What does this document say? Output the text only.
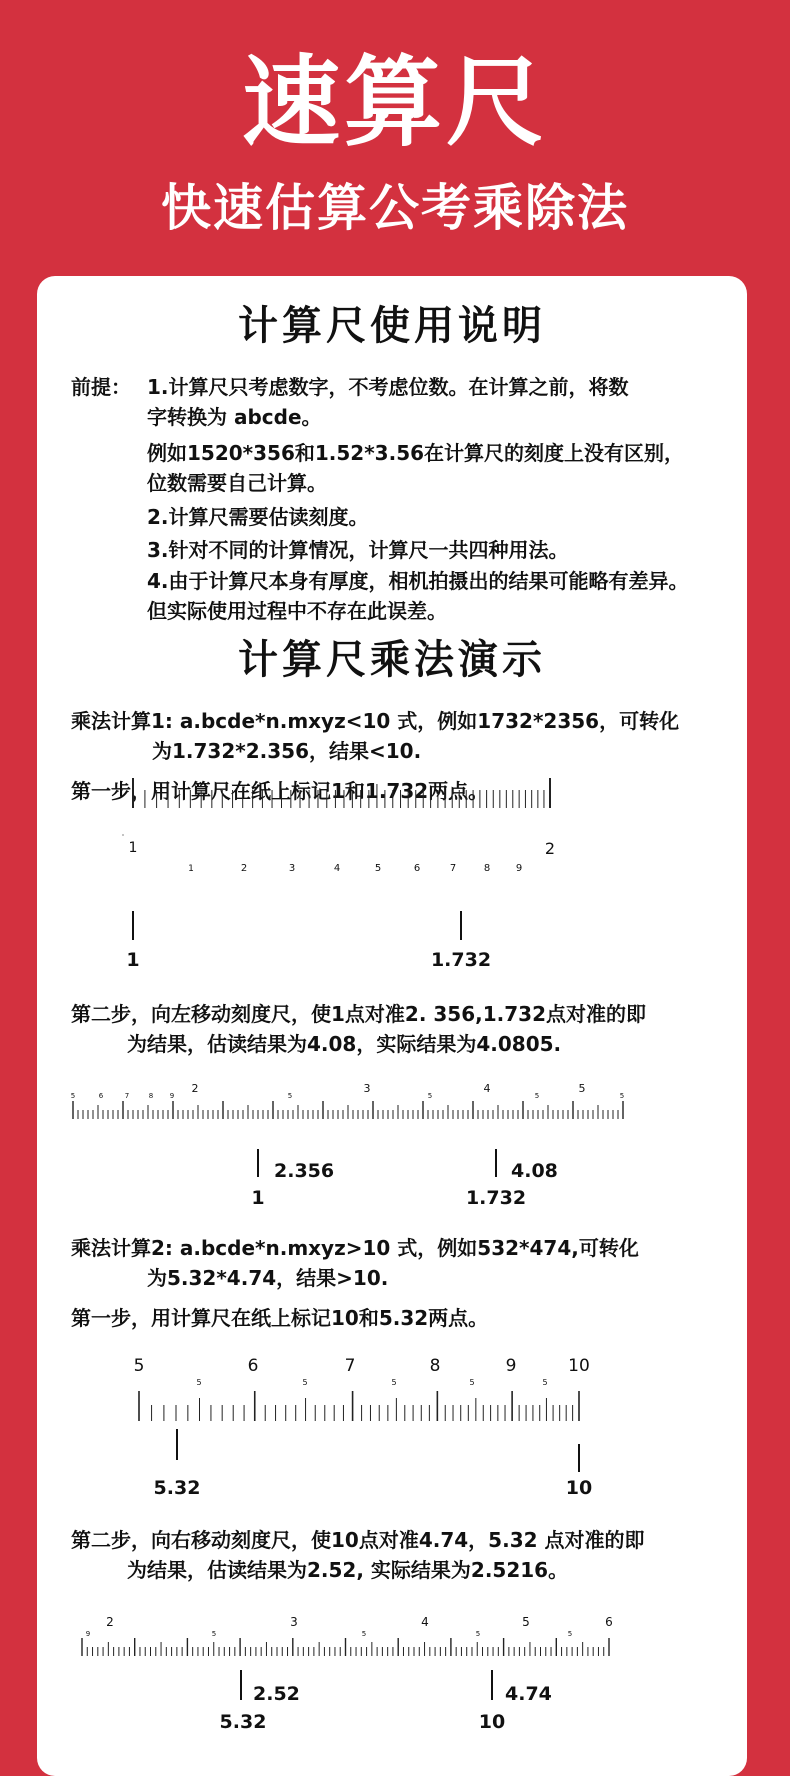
速算尺
快速估算公考乘除法
计算尺使用说明
前提： 1.计算尺只考虑数字，不考虑位数。在计算之前，将数
字转换为 abcde。
例如1520*356和1.52*3.56在计算尺的刻度上没有区别，
位数需要自己计算。
2.计算尺需要估读刻度。
3.针对不同的计算情况，计算尺一共四种用法。
4.由于计算尺本身有厚度，相机拍摄出的结果可能略有差异。
但实际使用过程中不存在此误差。
计算尺乘法演示
乘法计算1: a.bcde*n.mxyz<10 式，例如1732*2356，可转化
为1.732*2.356，结果<10.
第一步，用计算尺在纸上标记1和1.732两点。
第二步，向左移动刻度尺，使1点对准2. 356,1.732点对准的即
为结果，估读结果为4.08，实际结果为4.0805.
乘法计算2: a.bcde*n.mxyz>10 式，例如532*474,可转化
为5.32*4.74，结果>10.
第一步，用计算尺在纸上标记10和5.32两点。
第二步，向右移动刻度尺，使10点对准4.74，5.32 点对准的即
为结果，估读结果为2.52, 实际结果为2.5216。
1
1	2	3	4	5	6	7	8	9
2
1	1.732
5	6	7	8 9
2
5
3
5
4
5
5
5
2.356	4.08
1	1.732
5
5
6
5
7
5
8
5
9
5
10
5.32	10
9
2
5
3
5
4
5
5
5
6
2.52	4.74
5.32	10
